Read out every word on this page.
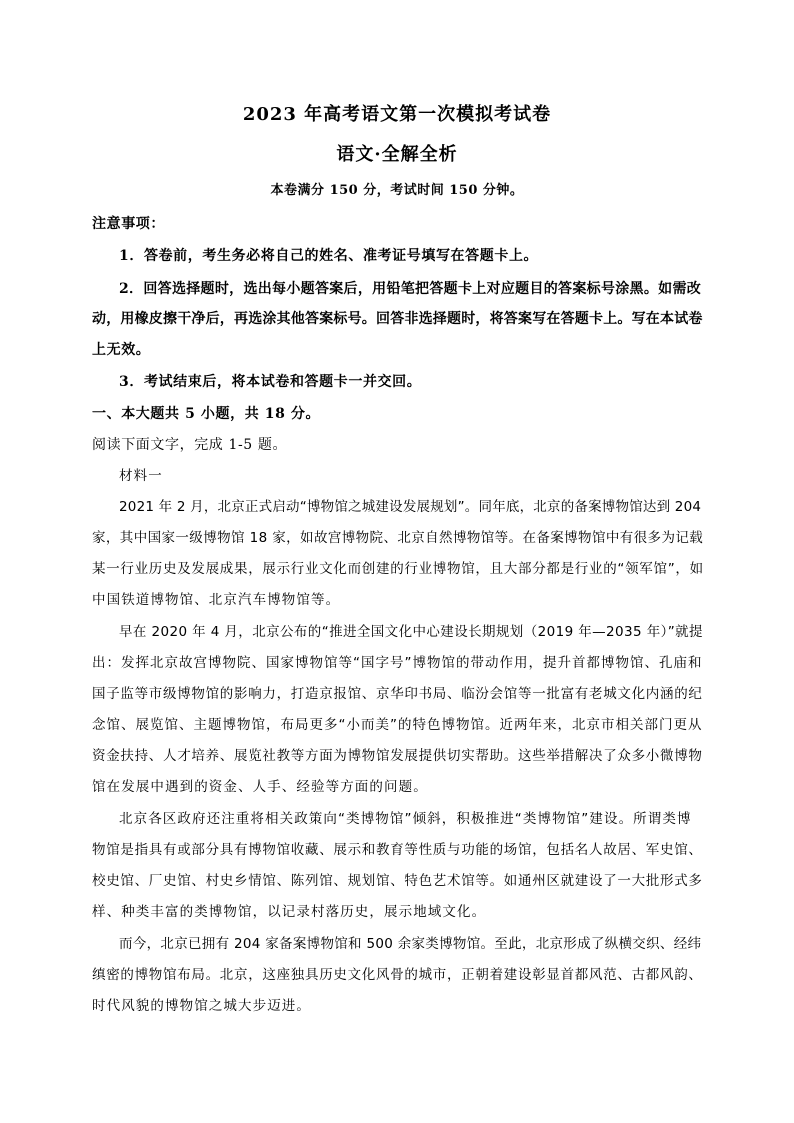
2023 年高考语文第一次模拟考试卷
语文·全解全析
本卷满分 150 分，考试时间 150 分钟。
注意事项：
1．答卷前，考生务必将自己的姓名、准考证号填写在答题卡上。
2．回答选择题时，选出每小题答案后，用铅笔把答题卡上对应题目的答案标号涂黑。如需改
动，用橡皮擦干净后，再选涂其他答案标号。回答非选择题时，将答案写在答题卡上。写在本试卷
上无效。
3．考试结束后，将本试卷和答题卡一并交回。
一、本大题共 5 小题，共 18 分。
阅读下面文字，完成 1-5 题。
材料一
2021 年 2 月，北京正式启动“博物馆之城建设发展规划”。同年底，北京的备案博物馆达到 204
家，其中国家一级博物馆 18 家，如故宫博物院、北京自然博物馆等。在备案博物馆中有很多为记载
某一行业历史及发展成果，展示行业文化而创建的行业博物馆，且大部分都是行业的“领军馆”，如
中国铁道博物馆、北京汽车博物馆等。
早在 2020 年 4 月，北京公布的“推进全国文化中心建设长期规划（2019 年—2035 年）”就提
出：发挥北京故宫博物院、国家博物馆等“国字号”博物馆的带动作用，提升首都博物馆、孔庙和
国子监等市级博物馆的影响力，打造京报馆、京华印书局、临汾会馆等一批富有老城文化内涵的纪
念馆、展览馆、主题博物馆，布局更多“小而美”的特色博物馆。近两年来，北京市相关部门更从
资金扶持、人才培养、展览社教等方面为博物馆发展提供切实帮助。这些举措解决了众多小微博物
馆在发展中遇到的资金、人手、经验等方面的问题。
北京各区政府还注重将相关政策向“类博物馆”倾斜，积极推进“类博物馆”建设。所谓类博
物馆是指具有或部分具有博物馆收藏、展示和教育等性质与功能的场馆，包括名人故居、军史馆、
校史馆、厂史馆、村史乡情馆、陈列馆、规划馆、特色艺术馆等。如通州区就建设了一大批形式多
样、种类丰富的类博物馆，以记录村落历史，展示地域文化。
而今，北京已拥有 204 家备案博物馆和 500 余家类博物馆。至此，北京形成了纵横交织、经纬
缜密的博物馆布局。北京，这座独具历史文化风骨的城市，正朝着建设彰显首都风范、古都风韵、
时代风貌的博物馆之城大步迈进。
